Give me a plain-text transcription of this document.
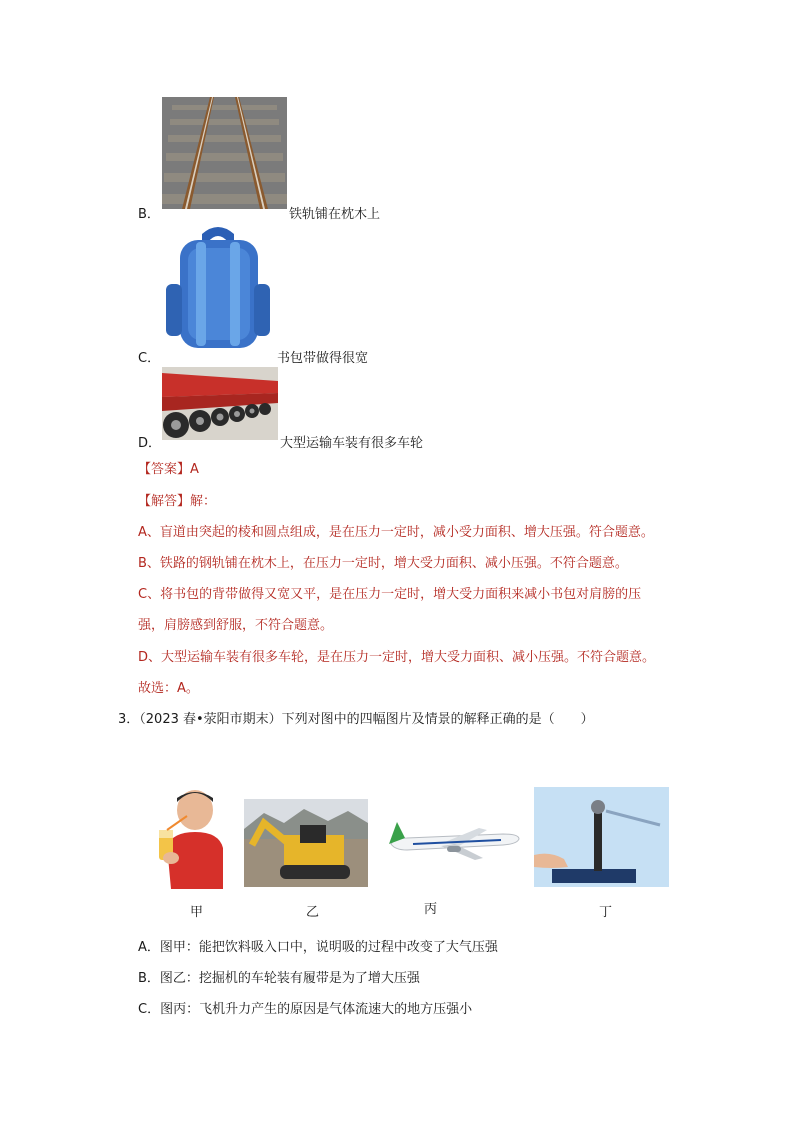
B．	铁轨铺在枕木上
C．	书包带做得很宽
D．	大型运输车装有很多车轮
【答案】A
【解答】解：
A、盲道由突起的棱和圆点组成，是在压力一定时，减小受力面积、增大压强。符合题意。
B、铁路的钢轨铺在枕木上，在压力一定时，增大受力面积、减小压强。不符合题意。
C、将书包的背带做得又宽又平，是在压力一定时，增大受力面积来减小书包对肩膀的压
强，肩膀感到舒服，不符合题意。
D、大型运输车装有很多车轮，是在压力一定时，增大受力面积、减小压强。不符合题意。
故选：A。
3．（2023 春•荥阳市期末）下列对图中的四幅图片及情景的解释正确的是（　　）
甲	乙	丙	丁
A．图甲：能把饮料吸入口中，说明吸的过程中改变了大气压强
B．图乙：挖掘机的车轮装有履带是为了增大压强
C．图丙：飞机升力产生的原因是气体流速大的地方压强小
